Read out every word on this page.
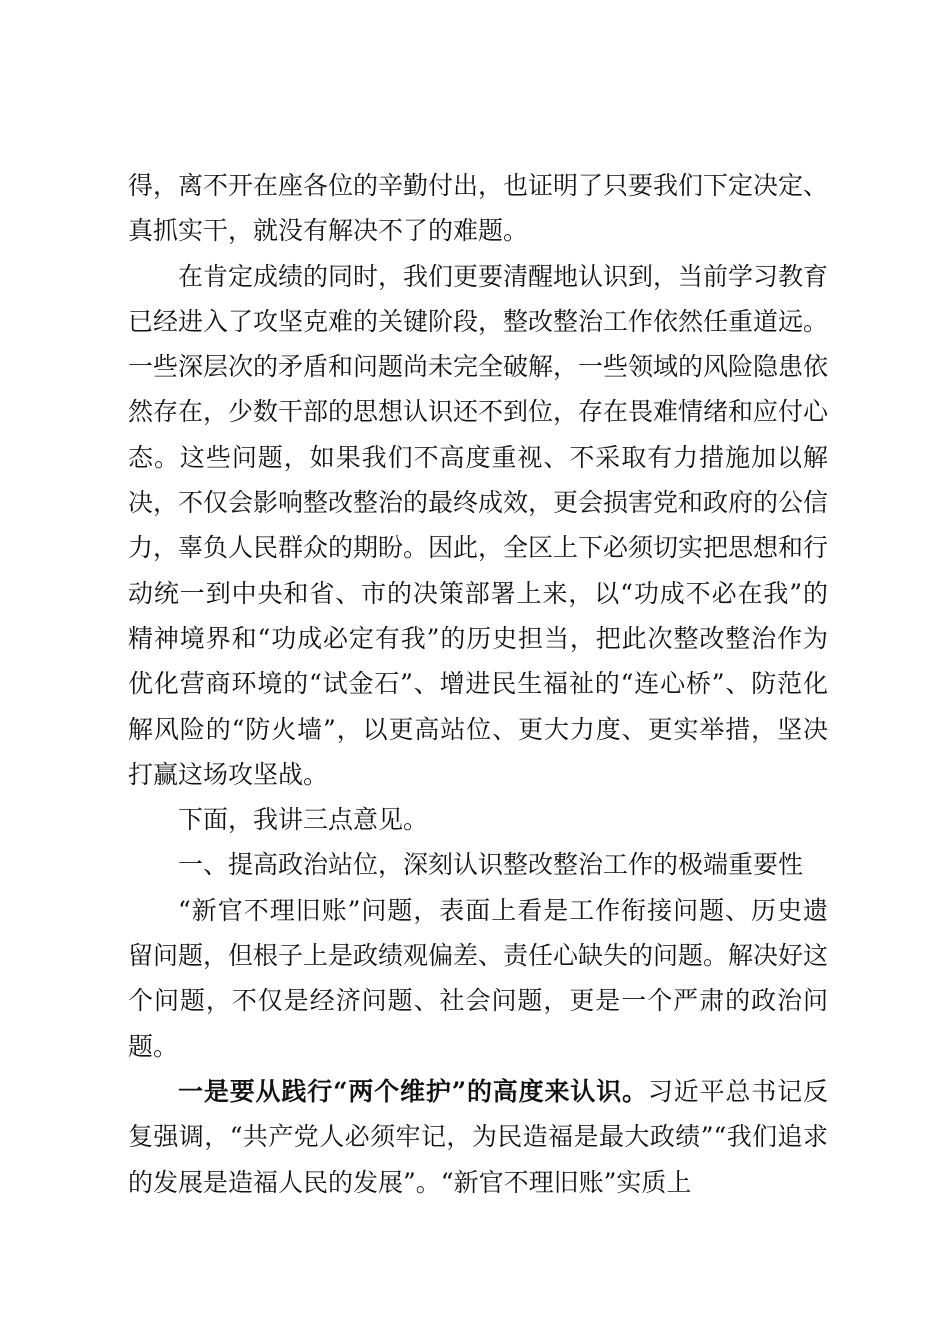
得，离不开在座各位的辛勤付出，也证明了只要我们下定决定、真抓实干，就没有解决不了的难题。

在肯定成绩的同时，我们更要清醒地认识到，当前学习教育已经进入了攻坚克难的关键阶段，整改整治工作依然任重道远。一些深层次的矛盾和问题尚未完全破解，一些领域的风险隐患依然存在，少数干部的思想认识还不到位，存在畏难情绪和应付心态。这些问题，如果我们不高度重视、不采取有力措施加以解决，不仅会影响整改整治的最终成效，更会损害党和政府的公信力，辜负人民群众的期盼。因此，全区上下必须切实把思想和行动统一到中央和省、市的决策部署上来，以“功成不必在我”的精神境界和“功成必定有我”的历史担当，把此次整改整治作为优化营商环境的“试金石”、增进民生福祉的“连心桥”、防范化解风险的“防火墙”，以更高站位、更大力度、更实举措，坚决打赢这场攻坚战。

下面，我讲三点意见。

一、提高政治站位，深刻认识整改整治工作的极端重要性

“新官不理旧账”问题，表面上看是工作衔接问题、历史遗留问题，但根子上是政绩观偏差、责任心缺失的问题。解决好这个问题，不仅是经济问题、社会问题，更是一个严肃的政治问题。

一是要从践行“两个维护”的高度来认识。习近平总书记反复强调，“共产党人必须牢记，为民造福是最大政绩”“我们追求的发展是造福人民的发展”。“新官不理旧账”实质上
